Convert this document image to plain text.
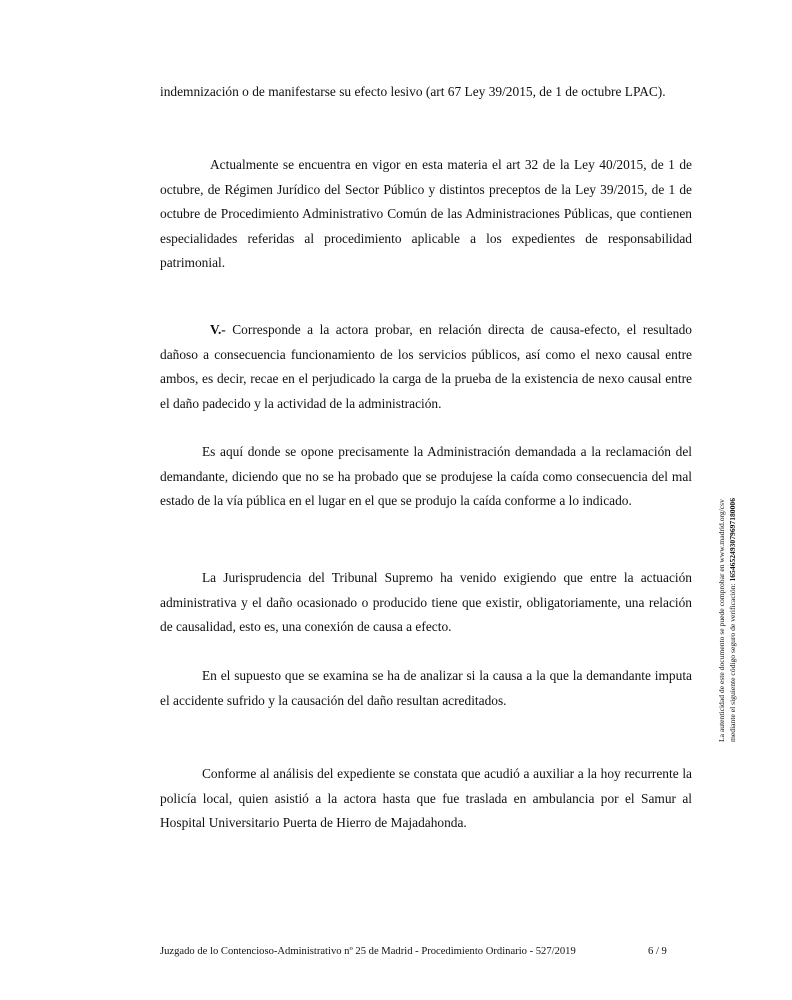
indemnización o de manifestarse su efecto lesivo (art 67 Ley 39/2015, de 1 de octubre LPAC).

Actualmente se encuentra en vigor en esta materia el art 32 de la Ley 40/2015, de 1 de octubre, de Régimen Jurídico del Sector Público y distintos preceptos de la Ley 39/2015, de 1 de octubre de Procedimiento Administrativo Común de las Administraciones Públicas, que contienen especialidades referidas al procedimiento aplicable a los expedientes de responsabilidad patrimonial.

V.- Corresponde a la actora probar, en relación directa de causa-efecto, el resultado dañoso a consecuencia funcionamiento de los servicios públicos, así como el nexo causal entre ambos, es decir, recae en el perjudicado la carga de la prueba de la existencia de nexo causal entre el daño padecido y la actividad de la administración.

Es aquí donde se opone precisamente la Administración demandada a la reclamación del demandante, diciendo que no se ha probado que se produjese la caída como consecuencia del mal estado de la vía pública en el lugar en el que se produjo la caída conforme a lo indicado.

La Jurisprudencia del Tribunal Supremo ha venido exigiendo que entre la actuación administrativa y el daño ocasionado o producido tiene que existir, obligatoriamente, una relación de causalidad, esto es, una conexión de causa a efecto.

En el supuesto que se examina se ha de analizar si la causa a la que la demandante imputa el accidente sufrido y la causación del daño resultan acreditados.

Conforme al análisis del expediente se constata que acudió a auxiliar a la hoy recurrente la policía local, quien asistió a la actora hasta que fue traslada en ambulancia por el Samur al Hospital Universitario Puerta de Hierro de Majadahonda.

La autenticidad de este documento se puede comprobar en www.madrid.org/csv mediante el siguiente código seguro de verificación: 1654652493079697180006
Juzgado de lo Contencioso-Administrativo nº 25 de Madrid - Procedimiento Ordinario - 527/2019	6 / 9
